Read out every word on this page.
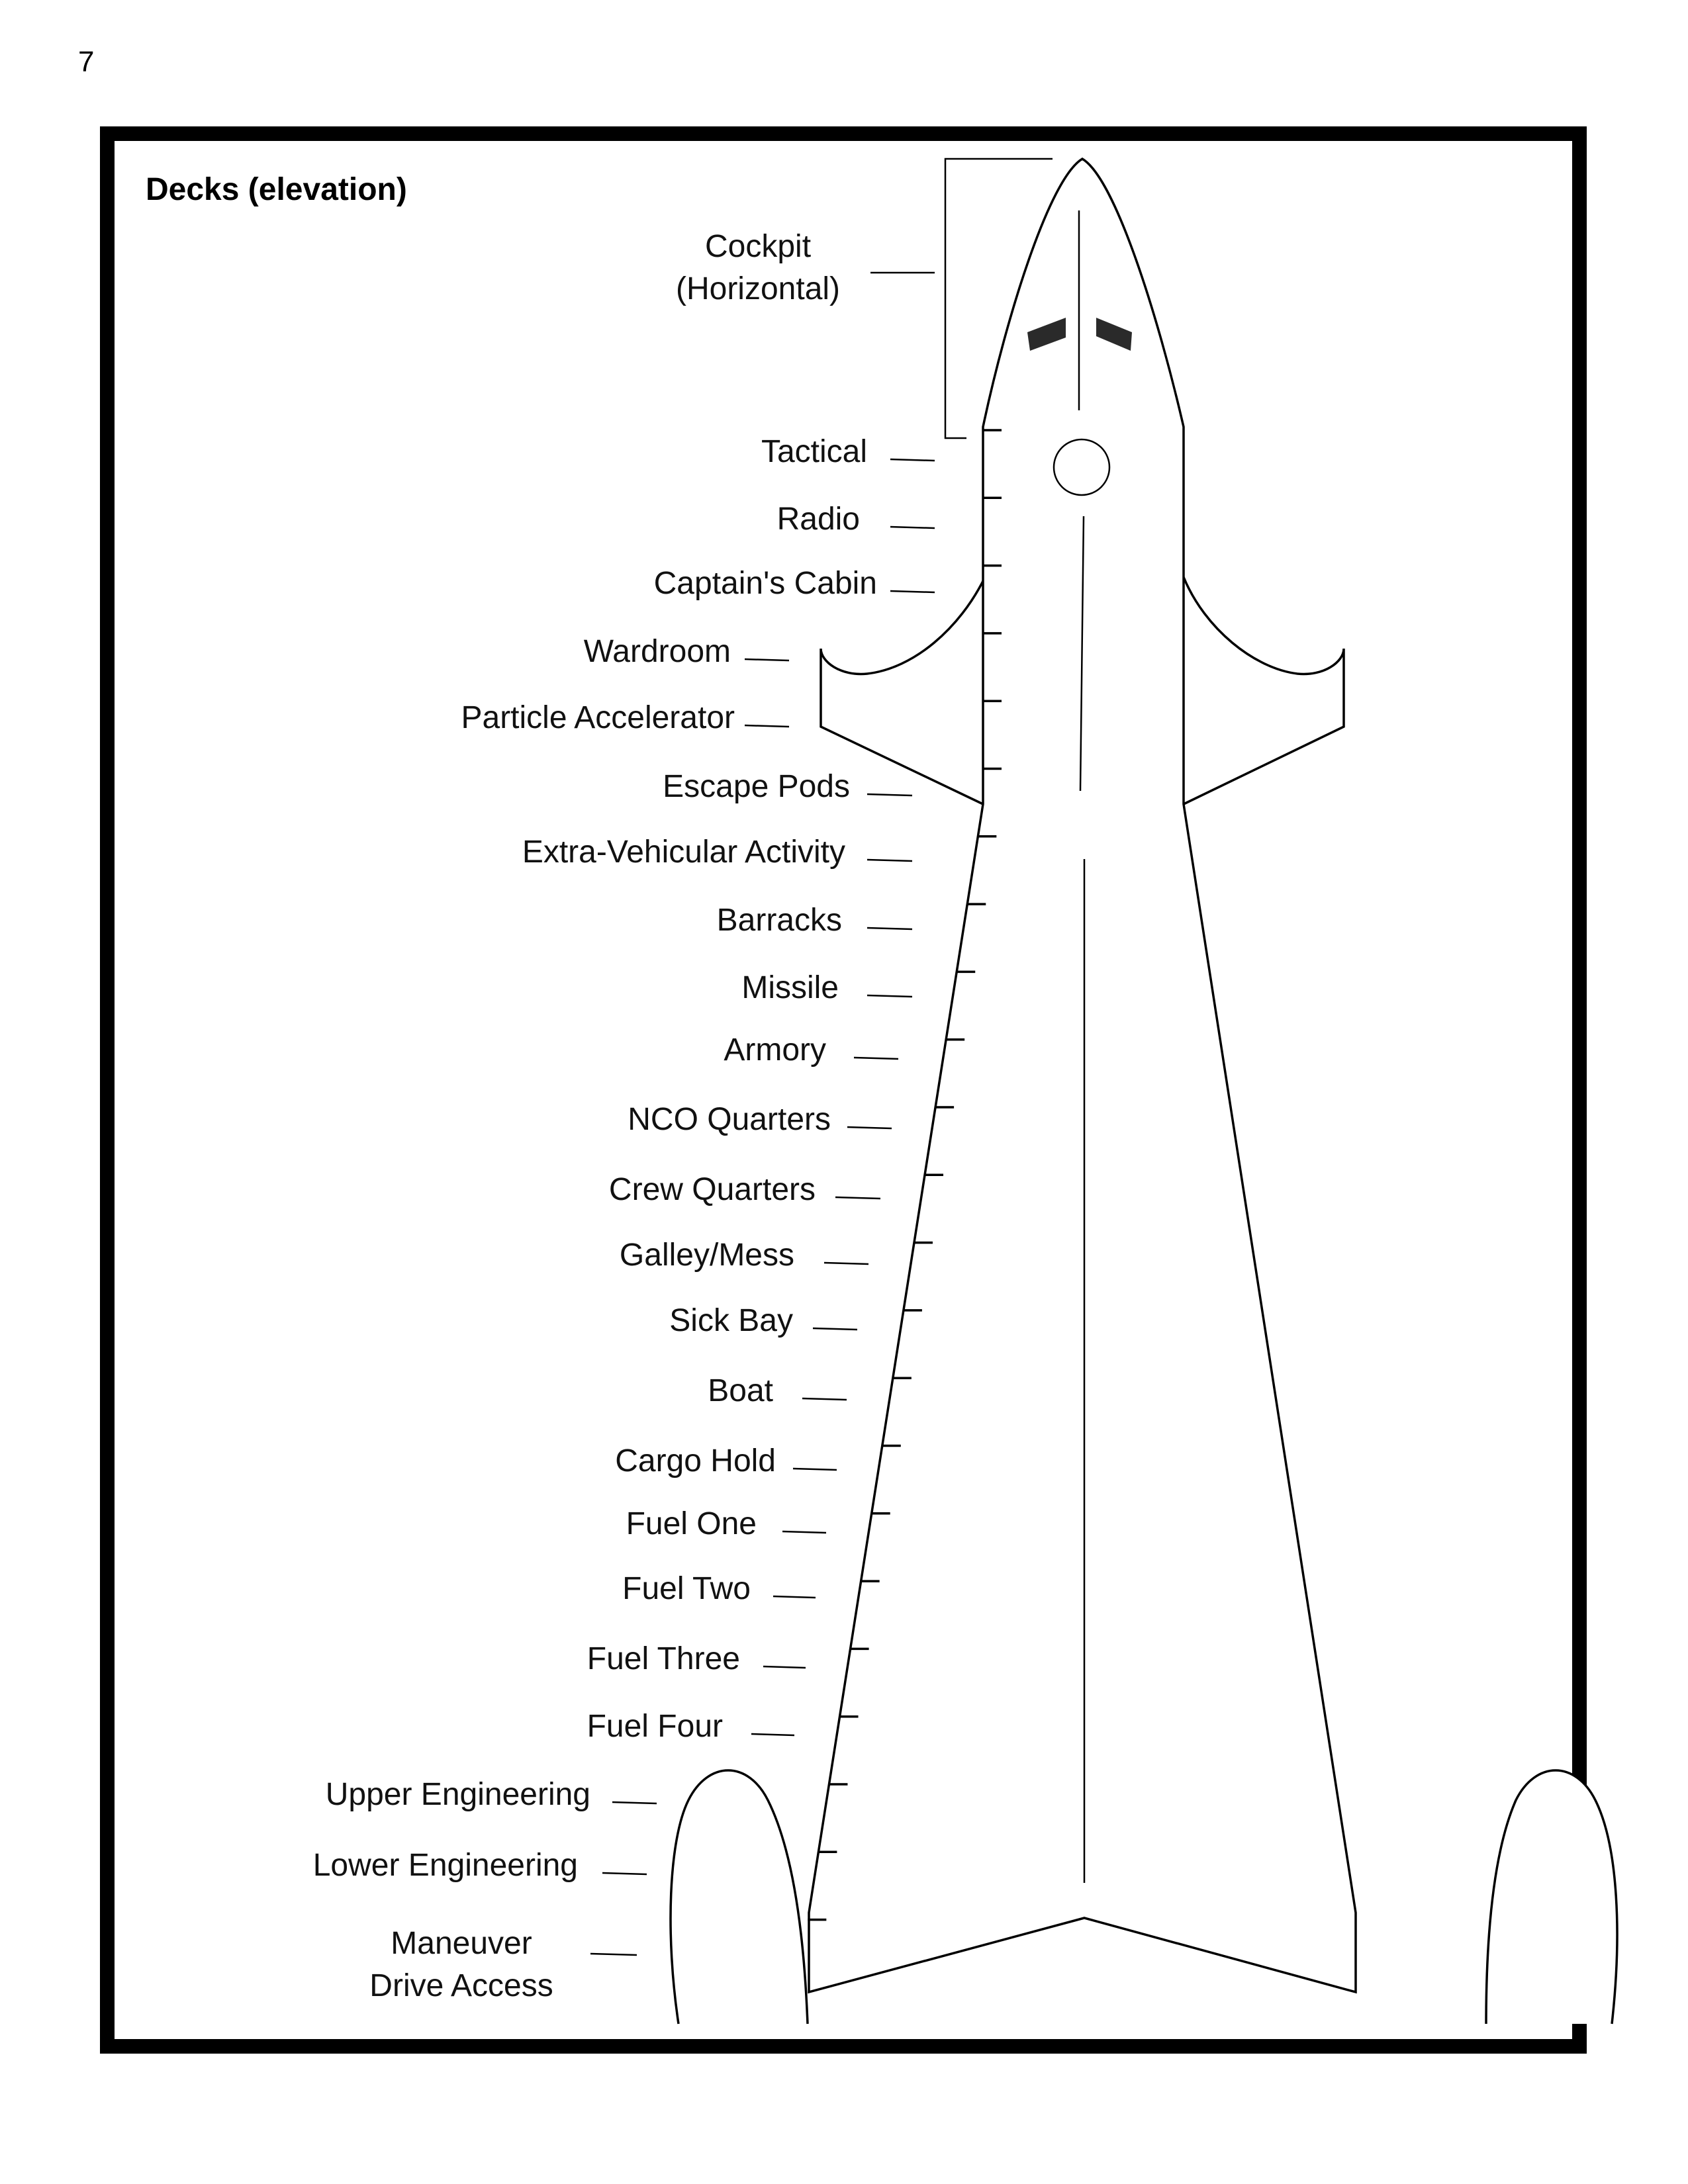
7
Decks (elevation)
Cockpit
(Horizontal)
Tactical
Radio
Captain's Cabin
Wardroom
Particle Accelerator
Escape Pods
Extra-Vehicular Activity
Barracks
Missile
Armory
NCO Quarters
Crew Quarters
Galley/Mess
Sick Bay
Boat
Cargo Hold
Fuel One
Fuel Two
Fuel Three
Fuel Four
Upper Engineering
Lower Engineering
Maneuver
Drive Access
